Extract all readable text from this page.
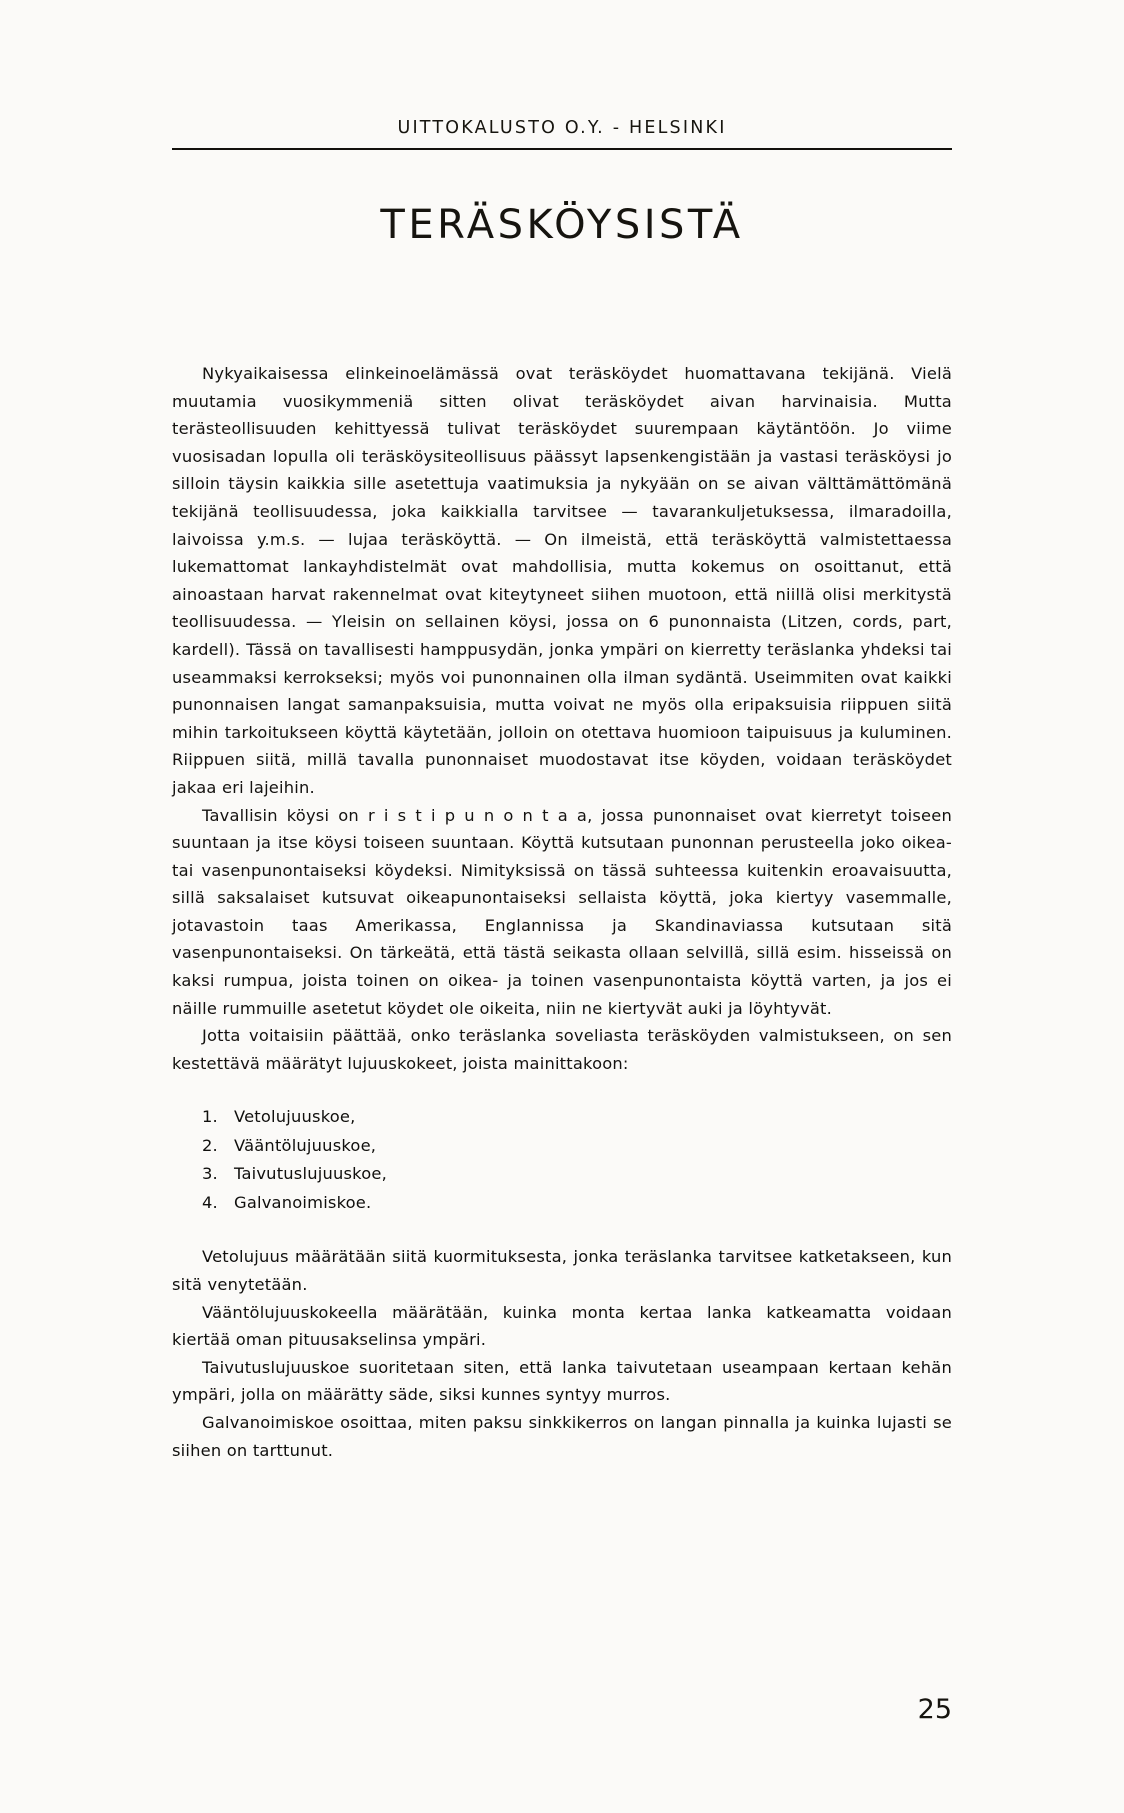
UITTOKALUSTO O.Y. - HELSINKI
TERÄSKÖYSISTÄ

Nykyaikaisessa elinkeinoelämässä ovat teräsköydet huomattavana tekijänä. Vielä muutamia vuosikymmeniä sitten olivat teräsköydet aivan harvinaisia. Mutta terästeollisuuden kehittyessä tulivat teräsköydet suurempaan käytäntöön. Jo viime vuosisadan lopulla oli teräsköysiteollisuus päässyt lapsenkengistään ja vastasi teräsköysi jo silloin täysin kaikkia sille asetettuja vaatimuksia ja nykyään on se aivan välttämättömänä tekijänä teollisuudessa, joka kaikkialla tarvitsee — tavarankuljetuksessa, ilmaradoilla, laivoissa y.m.s. — lujaa teräsköyttä. — On ilmeistä, että teräsköyttä valmistettaessa lukemattomat lankayhdistelmät ovat mahdollisia, mutta kokemus on osoittanut, että ainoastaan harvat rakennelmat ovat kiteytyneet siihen muotoon, että niillä olisi merkitystä teollisuudessa. — Yleisin on sellainen köysi, jossa on 6 punonnaista (Litzen, cords, part, kardell). Tässä on tavallisesti hamppusydän, jonka ympäri on kierretty teräslanka yhdeksi tai useammaksi kerrokseksi; myös voi punonnainen olla ilman sydäntä. Useimmiten ovat kaikki punonnaisen langat samanpaksuisia, mutta voivat ne myös olla eripaksuisia riippuen siitä mihin tarkoitukseen köyttä käytetään, jolloin on otettava huomioon taipuisuus ja kuluminen. Riippuen siitä, millä tavalla punonnaiset muodostavat itse köyden, voidaan teräsköydet jakaa eri lajeihin.

Tavallisin köysi on r i s t i p u n o n t a a, jossa punonnaiset ovat kierretyt toiseen suuntaan ja itse köysi toiseen suuntaan. Köyttä kutsutaan punonnan perusteella joko oikea- tai vasenpunontaiseksi köydeksi. Nimityksissä on tässä suhteessa kuitenkin eroavaisuutta, sillä saksalaiset kutsuvat oikeapunontaiseksi sellaista köyttä, joka kiertyy vasemmalle, jotavastoin taas Amerikassa, Englannissa ja Skandinaviassa kutsutaan sitä vasenpunontaiseksi. On tärkeätä, että tästä seikasta ollaan selvillä, sillä esim. hisseissä on kaksi rumpua, joista toinen on oikea- ja toinen vasenpunontaista köyttä varten, ja jos ei näille rummuille asetetut köydet ole oikeita, niin ne kiertyvät auki ja löyhtyvät.

Jotta voitaisiin päättää, onko teräslanka soveliasta teräsköyden valmistukseen, on sen kestettävä määrätyt lujuuskokeet, joista mainittakoon:

1. Vetolujuuskoe,
2. Vääntölujuuskoe,
3. Taivutuslujuuskoe,
4. Galvanoimiskoe.

Vetolujuus määrätään siitä kuormituksesta, jonka teräslanka tarvitsee katketakseen, kun sitä venytetään.

Vääntölujuuskokeella määrätään, kuinka monta kertaa lanka katkeamatta voidaan kiertää oman pituusakselinsa ympäri.

Taivutuslujuuskoe suoritetaan siten, että lanka taivutetaan useampaan kertaan kehän ympäri, jolla on määrätty säde, siksi kunnes syntyy murros.

Galvanoimiskoe osoittaa, miten paksu sinkkikerros on langan pinnalla ja kuinka lujasti se siihen on tarttunut.

25
